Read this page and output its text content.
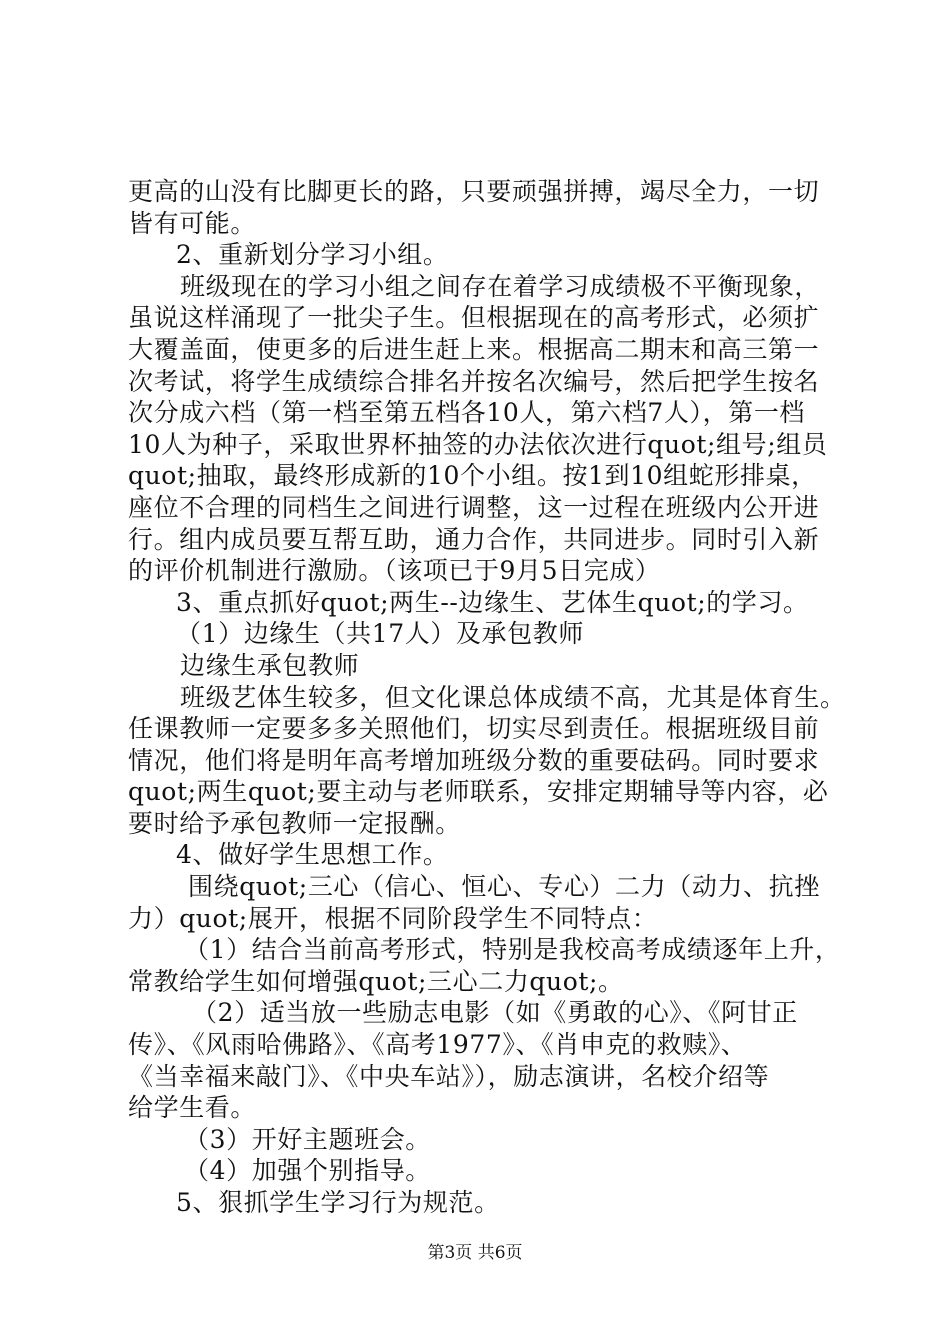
更高的山没有比脚更长的路，只要顽强拼搏，竭尽全力，一切
皆有可能。
2、重新划分学习小组。
班级现在的学习小组之间存在着学习成绩极不平衡现象，
虽说这样涌现了一批尖子生。但根据现在的高考形式，必须扩
大覆盖面，使更多的后进生赶上来。根据高二期末和高三第一
次考试，将学生成绩综合排名并按名次编号，然后把学生按名
次分成六档（第一档至第五档各10人，第六档7人），第一档
10人为种子，采取世界杯抽签的办法依次进行quot;组号;组员
quot;抽取，最终形成新的10个小组。按1到10组蛇形排桌，
座位不合理的同档生之间进行调整，这一过程在班级内公开进
行。组内成员要互帮互助，通力合作，共同进步。同时引入新
的评价机制进行激励。（该项已于9月5日完成）
3、重点抓好quot;两生--边缘生、艺体生quot;的学习。
（1）边缘生（共17人）及承包教师
边缘生承包教师
班级艺体生较多，但文化课总体成绩不高，尤其是体育生。
任课教师一定要多多关照他们，切实尽到责任。根据班级目前
情况，他们将是明年高考增加班级分数的重要砝码。同时要求
quot;两生quot;要主动与老师联系，安排定期辅导等内容，必
要时给予承包教师一定报酬。
4、做好学生思想工作。
围绕quot;三心（信心、恒心、专心）二力（动力、抗挫
力）quot;展开，根据不同阶段学生不同特点：
（1）结合当前高考形式，特别是我校高考成绩逐年上升，
常教给学生如何增强quot;三心二力quot;。
（2）适当放一些励志电影（如《勇敢的心》、《阿甘正
传》、《风雨哈佛路》、《高考1977》、《肖申克的救赎》、
《当幸福来敲门》、《中央车站》），励志演讲，名校介绍等
给学生看。
（3）开好主题班会。
（4）加强个别指导。
5、狠抓学生学习行为规范。
第3页 共6页
